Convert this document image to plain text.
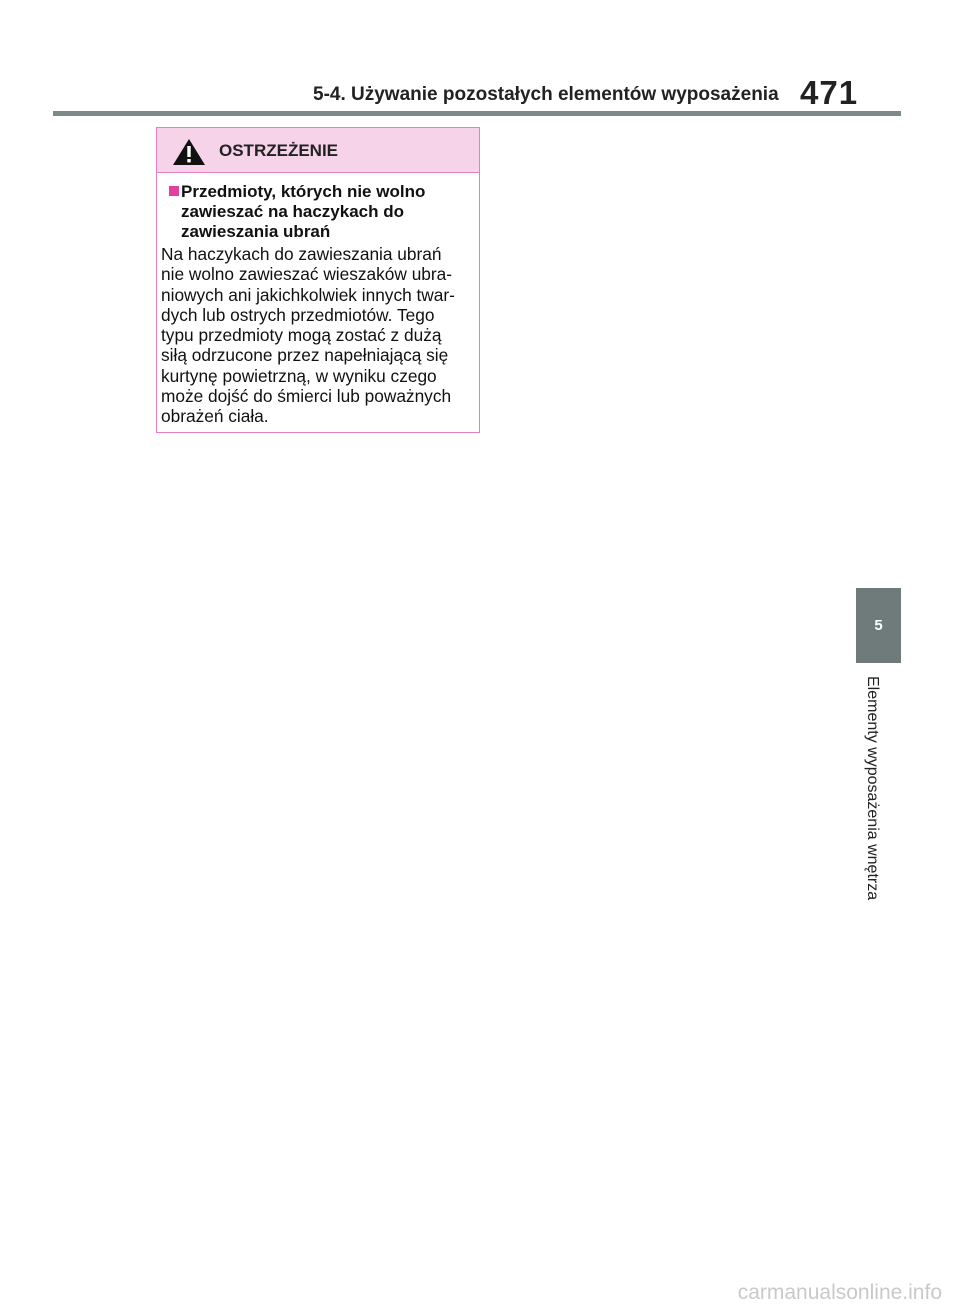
5-4. Używanie pozostałych elementów wyposażenia 471
OSTRZEŻENIE
Przedmioty, których nie wolno zawieszać na haczykach do zawieszania ubrań
Na haczykach do zawieszania ubrań
nie wolno zawieszać wieszaków ubra-
niowych ani jakichkolwiek innych twar-
dych lub ostrych przedmiotów. Tego
typu przedmioty mogą zostać z dużą
siłą odrzucone przez napełniającą się
kurtynę powietrzną, w wyniku czego
może dojść do śmierci lub poważnych
obrażeń ciała.
5
Elementy wyposażenia wnętrza
carmanualsonline.info
